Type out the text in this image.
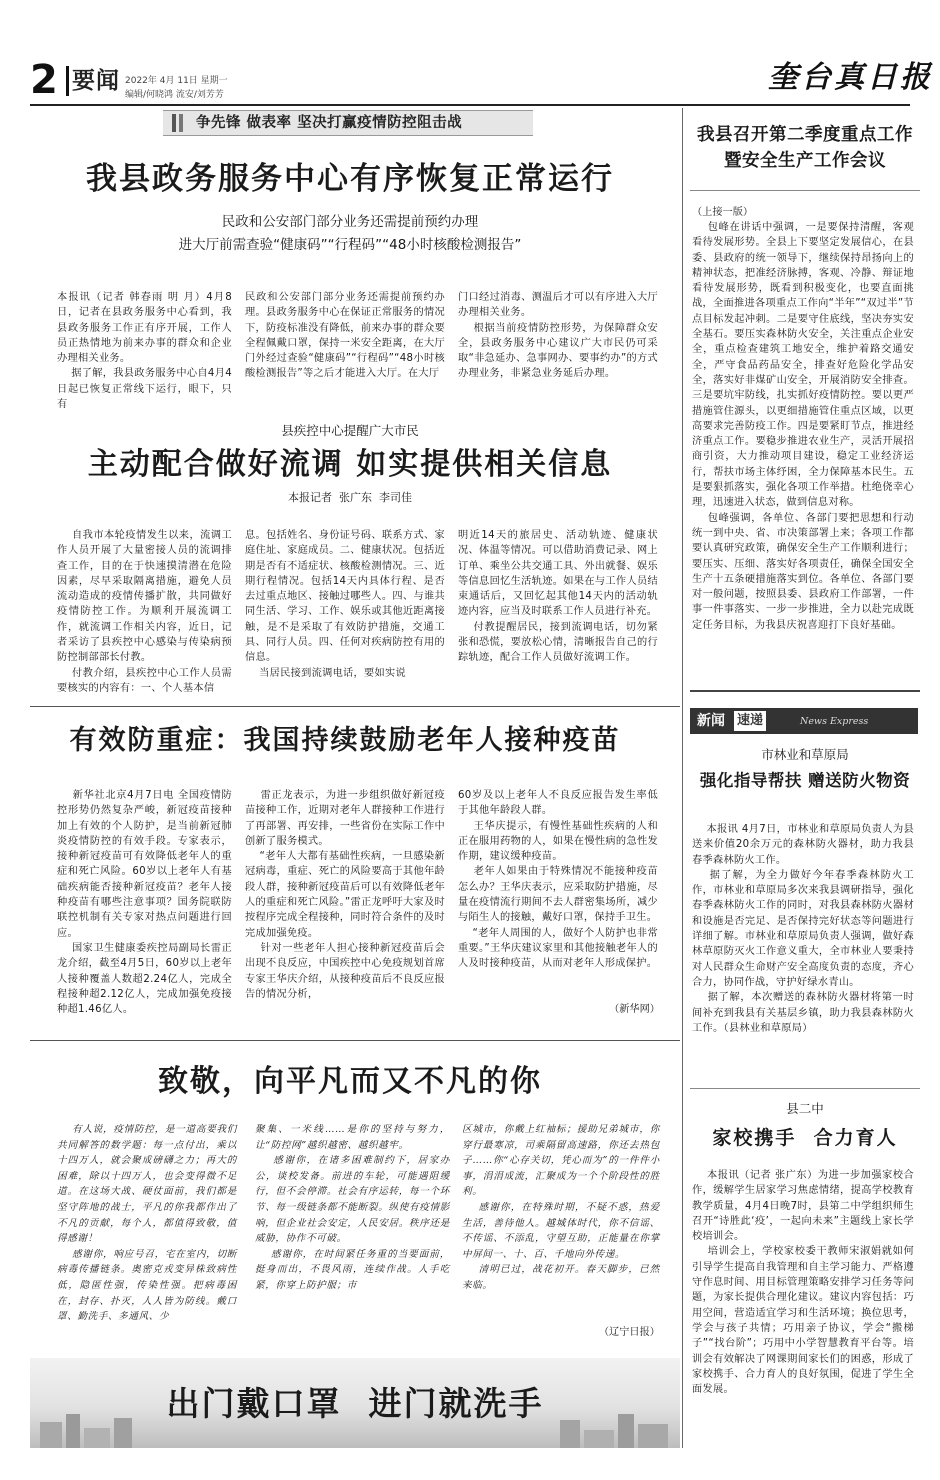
2 要闻 2022年 4月 11日 星期一
编辑/何晓鸿 流安/刘芳芳	奎台真日报
争先锋 做表率 坚决打赢疫情防控阻击战
我县政务服务中心有序恢复正常运行
民政和公安部门部分业务还需提前预约办理
进大厅前需查验“健康码”“行程码”“48小时核酸检测报告”
本报讯（记者 韩春雨 明 月）4月8日，记者在县政务服务中心看到，我县政务服务工作正有序开展，工作人员正热情地为前来办事的群众和企业办理相关业务。
据了解，我县政务服务中心自4月4日起已恢复正常线下运行，眼下，只有
民政和公安部门部分业务还需提前预约办理。县政务服务中心在保证正常服务的情况下，防疫标准没有降低，前来办事的群众要全程佩戴口罩，保持一米安全距离，在大厅门外经过查验“健康码”“行程码”“48小时核酸检测报告”等之后才能进入大厅。在大厅
门口经过消毒、测温后才可以有序进入大厅办理相关业务。
根据当前疫情防控形势，为保障群众安全，县政务服务中心建议广大市民仍可采取“非急延办、急事网办、要事约办”的方式办理业务，非紧急业务延后办理。
县疾控中心提醒广大市民
主动配合做好流调 如实提供相关信息
本报记者  张广东  李司佳
自我市本轮疫情发生以来，流调工作人员开展了大量密接人员的流调排查工作，目的在于快速摸清潜在危险因素，尽早采取隔离措施，避免人员流动造成的疫情传播扩散，共同做好疫情防控工作。为顺利开展流调工作，就流调工作相关内容，近日，记者采访了县疾控中心感染与传染病预防控制部部长付教。
付教介绍，县疾控中心工作人员需要核实的内容有：一、个人基本信
息。包括姓名、身份证号码、联系方式、家庭住址、家庭成员。二、健康状况。包括近期是否有不适症状、核酸检测情况。三、近期行程情况。包括14天内具体行程、是否去过重点地区、接触过哪些人。四、与谁共同生活、学习、工作、娱乐或其他近距离接触，是不是采取了有效防护措施，交通工具、同行人员。四、任何对疾病防控有用的信息。
当居民接到流调电话，要如实说
明近14天的旅居史、活动轨迹、健康状况、体温等情况。可以借助消费记录、网上订单、乘坐公共交通工具、外出就餐、娱乐等信息回忆生活轨迹。如果在与工作人员结束通话后，又回忆起其他14天内的活动轨迹内容，应当及时联系工作人员进行补充。
付教提醒居民，接到流调电话，切勿紧张和恐慌，要放松心情，清晰报告自己的行踪轨迹，配合工作人员做好流调工作。
有效防重症：我国持续鼓励老年人接种疫苗
新华社北京4月7日电 全国疫情防控形势仍然复杂严峻，新冠疫苗接种加上有效的个人防护，是当前新冠肺炎疫情防控的有效手段。专家表示，接种新冠疫苗可有效降低老年人的重症和死亡风险。60岁以上老年人有基础疾病能否接种新冠疫苗？老年人接种疫苗有哪些注意事项？国务院联防联控机制有关专家对热点问题进行回应。
国家卫生健康委疾控局副局长雷正龙介绍，截至4月5日，60岁以上老年人接种覆盖人数超2.24亿人，完成全程接种超2.12亿人，完成加强免疫接种超1.46亿人。
雷正龙表示，为进一步组织做好新冠疫苗接种工作，近期对老年人群接种工作进行了再部署、再安排，一些省份在实际工作中创新了服务模式。
“老年人大都有基础性疾病，一旦感染新冠病毒，重症、死亡的风险要高于其他年龄段人群，接种新冠疫苗后可以有效降低老年人的重症和死亡风险。”雷正龙呼吁大家及时按程序完成全程接种，同时符合条件的及时完成加强免疫。
针对一些老年人担心接种新冠疫苗后会出现不良反应，中国疾控中心免疫规划首席专家王华庆介绍，从接种疫苗后不良反应报告的情况分析，
60岁及以上老年人不良反应报告发生率低于其他年龄段人群。
王华庆提示，有慢性基础性疾病的人和正在服用药物的人，如果在慢性病的急性发作期，建议缓种疫苗。
老年人如果由于特殊情况不能接种疫苗怎么办？王华庆表示，应采取防护措施，尽量在疫情流行期间不去人群密集场所，减少与陌生人的接触，戴好口罩，保持手卫生。
“老年人周围的人，做好个人防护也非常重要。”王华庆建议家里和其他接触老年人的人及时接种疫苗，从而对老年人形成保护。
（新华网）
致敬，向平凡而又不凡的你
有人说，疫情防控，是一道高要我们共同解答的数学题：每一点付出，乘以十四万人，就会聚成磅礴之力；再大的困难，除以十四万人，也会变得微不足道。在这场大战、硬仗面前，我们都是坚守阵地的战士，平凡的你我都作出了不凡的贡献，每个人，都值得致敬，值得感谢！
感谢你，响应号召，宅在室内，切断病毒传播链条。奥密克戎变异株致病性低，隐匿性强，传染性强。把病毒困在，封存、扑灭，人人皆为防线。戴口罩、勤洗手、多通风、少
聚集、一米线……是你的坚持与努力，让“防控网”越织越密、越织越牢。
感谢你，在诸多困难制约下，居家办公，谈校发备。前进的车轮，可能遇阻缓行，但不会停滞。社会有序运转，每一个环节、每一级链条都不能断裂。纵使有疫情影响，但企业社会安定，人民安居。秩序还是威胁，协作不可破。
感谢你，在时间紧任务重的当要面前，挺身而出，不畏风雨，连续作战。人手吃紧，你穿上防护服；市
区城市，你戴上红袖标；援助兄弟城市，你穿行最寒凉，司乘隔留高速路，你还去热包子……你“心存关切，凭心而为”的一件件小事，涓涓成流，汇聚成为一个个阶段性的胜利。
感谢你，在特殊时期，不疑不惑，热爱生活，善待他人。越城体时代，你不信谣、不传谣、不添乱，守望互助，正能量在你掌中屏间一、十、百、千地向外传递。
清明已过，战花初开。春天脚步，已然来临。
（辽宁日报）
出门戴口罩  进门就洗手
我县召开第二季度重点工作
暨安全生产工作会议
（上接一版）
包峰在讲话中强调，一是要保持清醒，客观看待发展形势。全县上下要坚定发展信心，在县委、县政府的统一领导下，继续保持昂扬向上的精神状态，把准经济脉搏，客观、冷静、辩证地看待发展形势，既看到积极变化，也要直面挑战，全面推进各项重点工作向“半年”“双过半”节点目标发起冲刺。二是要守住底线，坚决夯实安全基石。要压实森林防火安全，关注重点企业安全，重点检查建筑工地安全，维护着路交通安全，严守食品药品安全，排查好危险化学品安全，落实好非煤矿山安全，开展消防安全排查。三是要坑牢防线，扎实抓好疫情防控。要以更严措施管住源头，以更细措施管住重点区域，以更高要求完善防疫工作。四是要紧盯节点，推进经济重点工作。要稳步推进农业生产，灵活开展招商引资，大力推动项目建设，稳定工业经济运行，帮扶市场主体纾困，全力保障基本民生。五是要狠抓落实，强化各项工作举措。杜绝侥幸心理，迅速进入状态，做到信息对称。
包峰强调，各单位、各部门要把思想和行动统一到中央、省、市决策部署上来；各项工作都要认真研究政策，确保安全生产工作顺利进行；要压实、压细、落实好各项责任，确保全国安全生产十五条硬措施落实到位。各单位、各部门要对一般问题，按照县委、县政府工作部署，一件事一件事落实、一步一步推进，全力以赴完成既定任务目标，为我县庆祝喜迎打下良好基础。
新闻 速递	News Express
市林业和草原局
强化指导帮扶 赠送防火物资
本报讯 4月7日，市林业和草原局负责人为县送来价值20余万元的森林防火器材，助力我县春季森林防火工作。
据了解，为全力做好今年春季森林防火工作，市林业和草原局多次来我县调研指导，强化春季森林防火工作的同时，对我县森林防火器材和设施是否完足、是否保持完好状态等问题进行详细了解。市林业和草原局负责人强调，做好森林草原防灭火工作意义重大，全市林业人要秉持对人民群众生命财产安全高度负责的态度，齐心合力，协同作战，守护好绿水青山。
据了解，本次赠送的森林防火器材将第一时间补充到我县有关基层乡镇，助力我县森林防火工作。（县林业和草原局）
县二中
家校携手  合力育人
本报讯（记者 张广东）为进一步加强家校合作，缓解学生居家学习焦虑情绪，提高学校教育教学质量，4月4日晚7时，县第二中学组织师生召开“诗胜此‘疫’，一起向未来”主题线上家长学校培训会。
培训会上，学校家校委干教师宋淑娟就如何引导学生提高自我管理和自主学习能力、严格遵守作息时间、用目标管理策略安排学习任务等问题，为家长提供合理化建议。建议内容包括：巧用空间，营造适宜学习和生活环境；换位思考，学会与孩子共情；巧用亲子协议，学会“搬梯子”“找台阶”；巧用中小学智慧教育平台等。培训会有效解决了网课期间家长们的困惑，形成了家校携手、合力育人的良好氛围，促进了学生全面发展。
